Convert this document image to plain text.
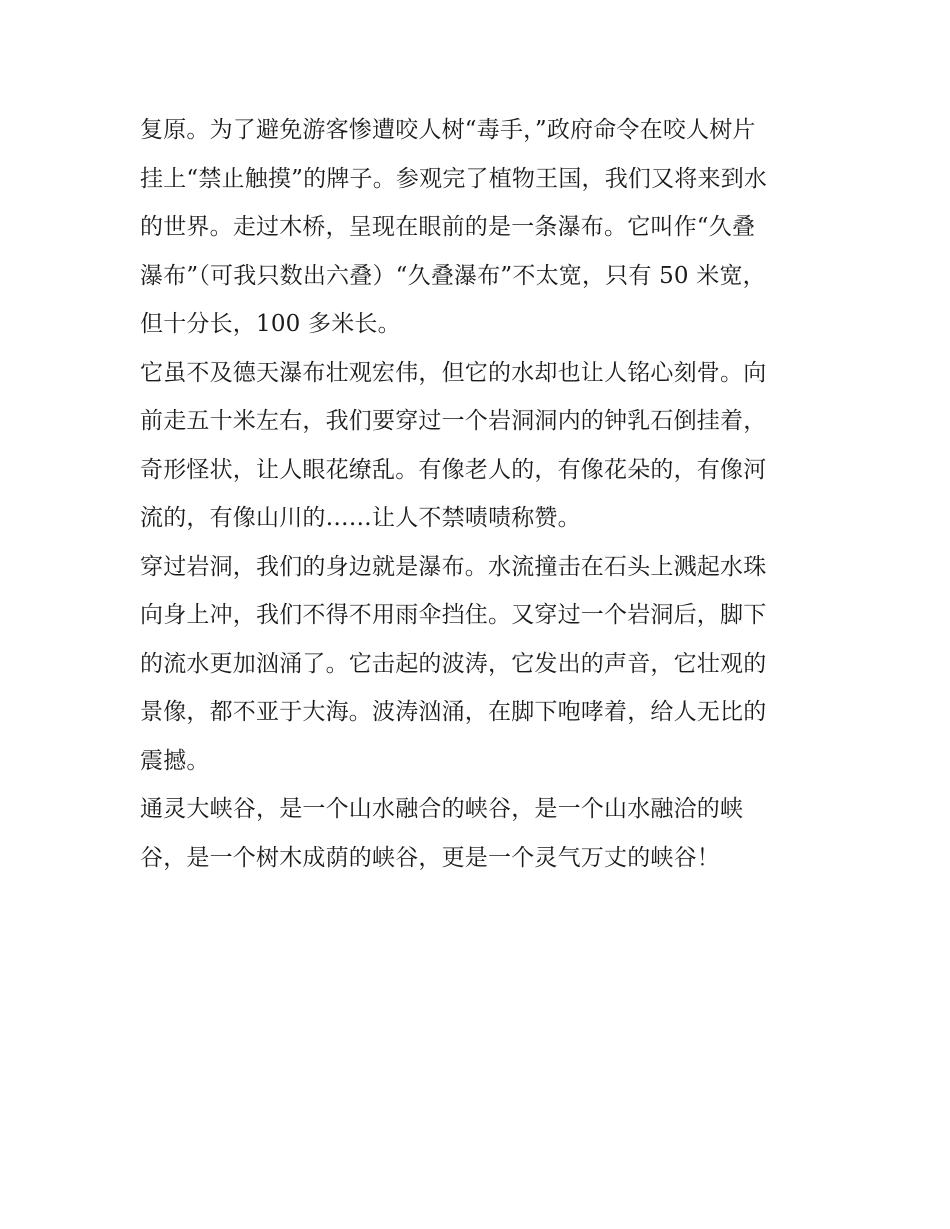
复原。为了避免游客惨遭咬人树“毒手，”政府命令在咬人树片
挂上“禁止触摸”的牌子。参观完了植物王国，我们又将来到水
的世界。走过木桥，呈现在眼前的是一条瀑布。它叫作“久叠
瀑布”（可我只数出六叠）“久叠瀑布”不太宽，只有 50 米宽，
但十分长，100 多米长。
它虽不及德天瀑布壮观宏伟，但它的水却也让人铭心刻骨。向
前走五十米左右，我们要穿过一个岩洞洞内的钟乳石倒挂着，
奇形怪状，让人眼花缭乱。有像老人的，有像花朵的，有像河
流的，有像山川的……让人不禁啧啧称赞。
穿过岩洞，我们的身边就是瀑布。水流撞击在石头上溅起水珠
向身上冲，我们不得不用雨伞挡住。又穿过一个岩洞后，脚下
的流水更加汹涌了。它击起的波涛，它发出的声音，它壮观的
景像，都不亚于大海。波涛汹涌，在脚下咆哮着，给人无比的
震撼。
通灵大峡谷，是一个山水融合的峡谷，是一个山水融洽的峡
谷，是一个树木成荫的峡谷，更是一个灵气万丈的峡谷！
